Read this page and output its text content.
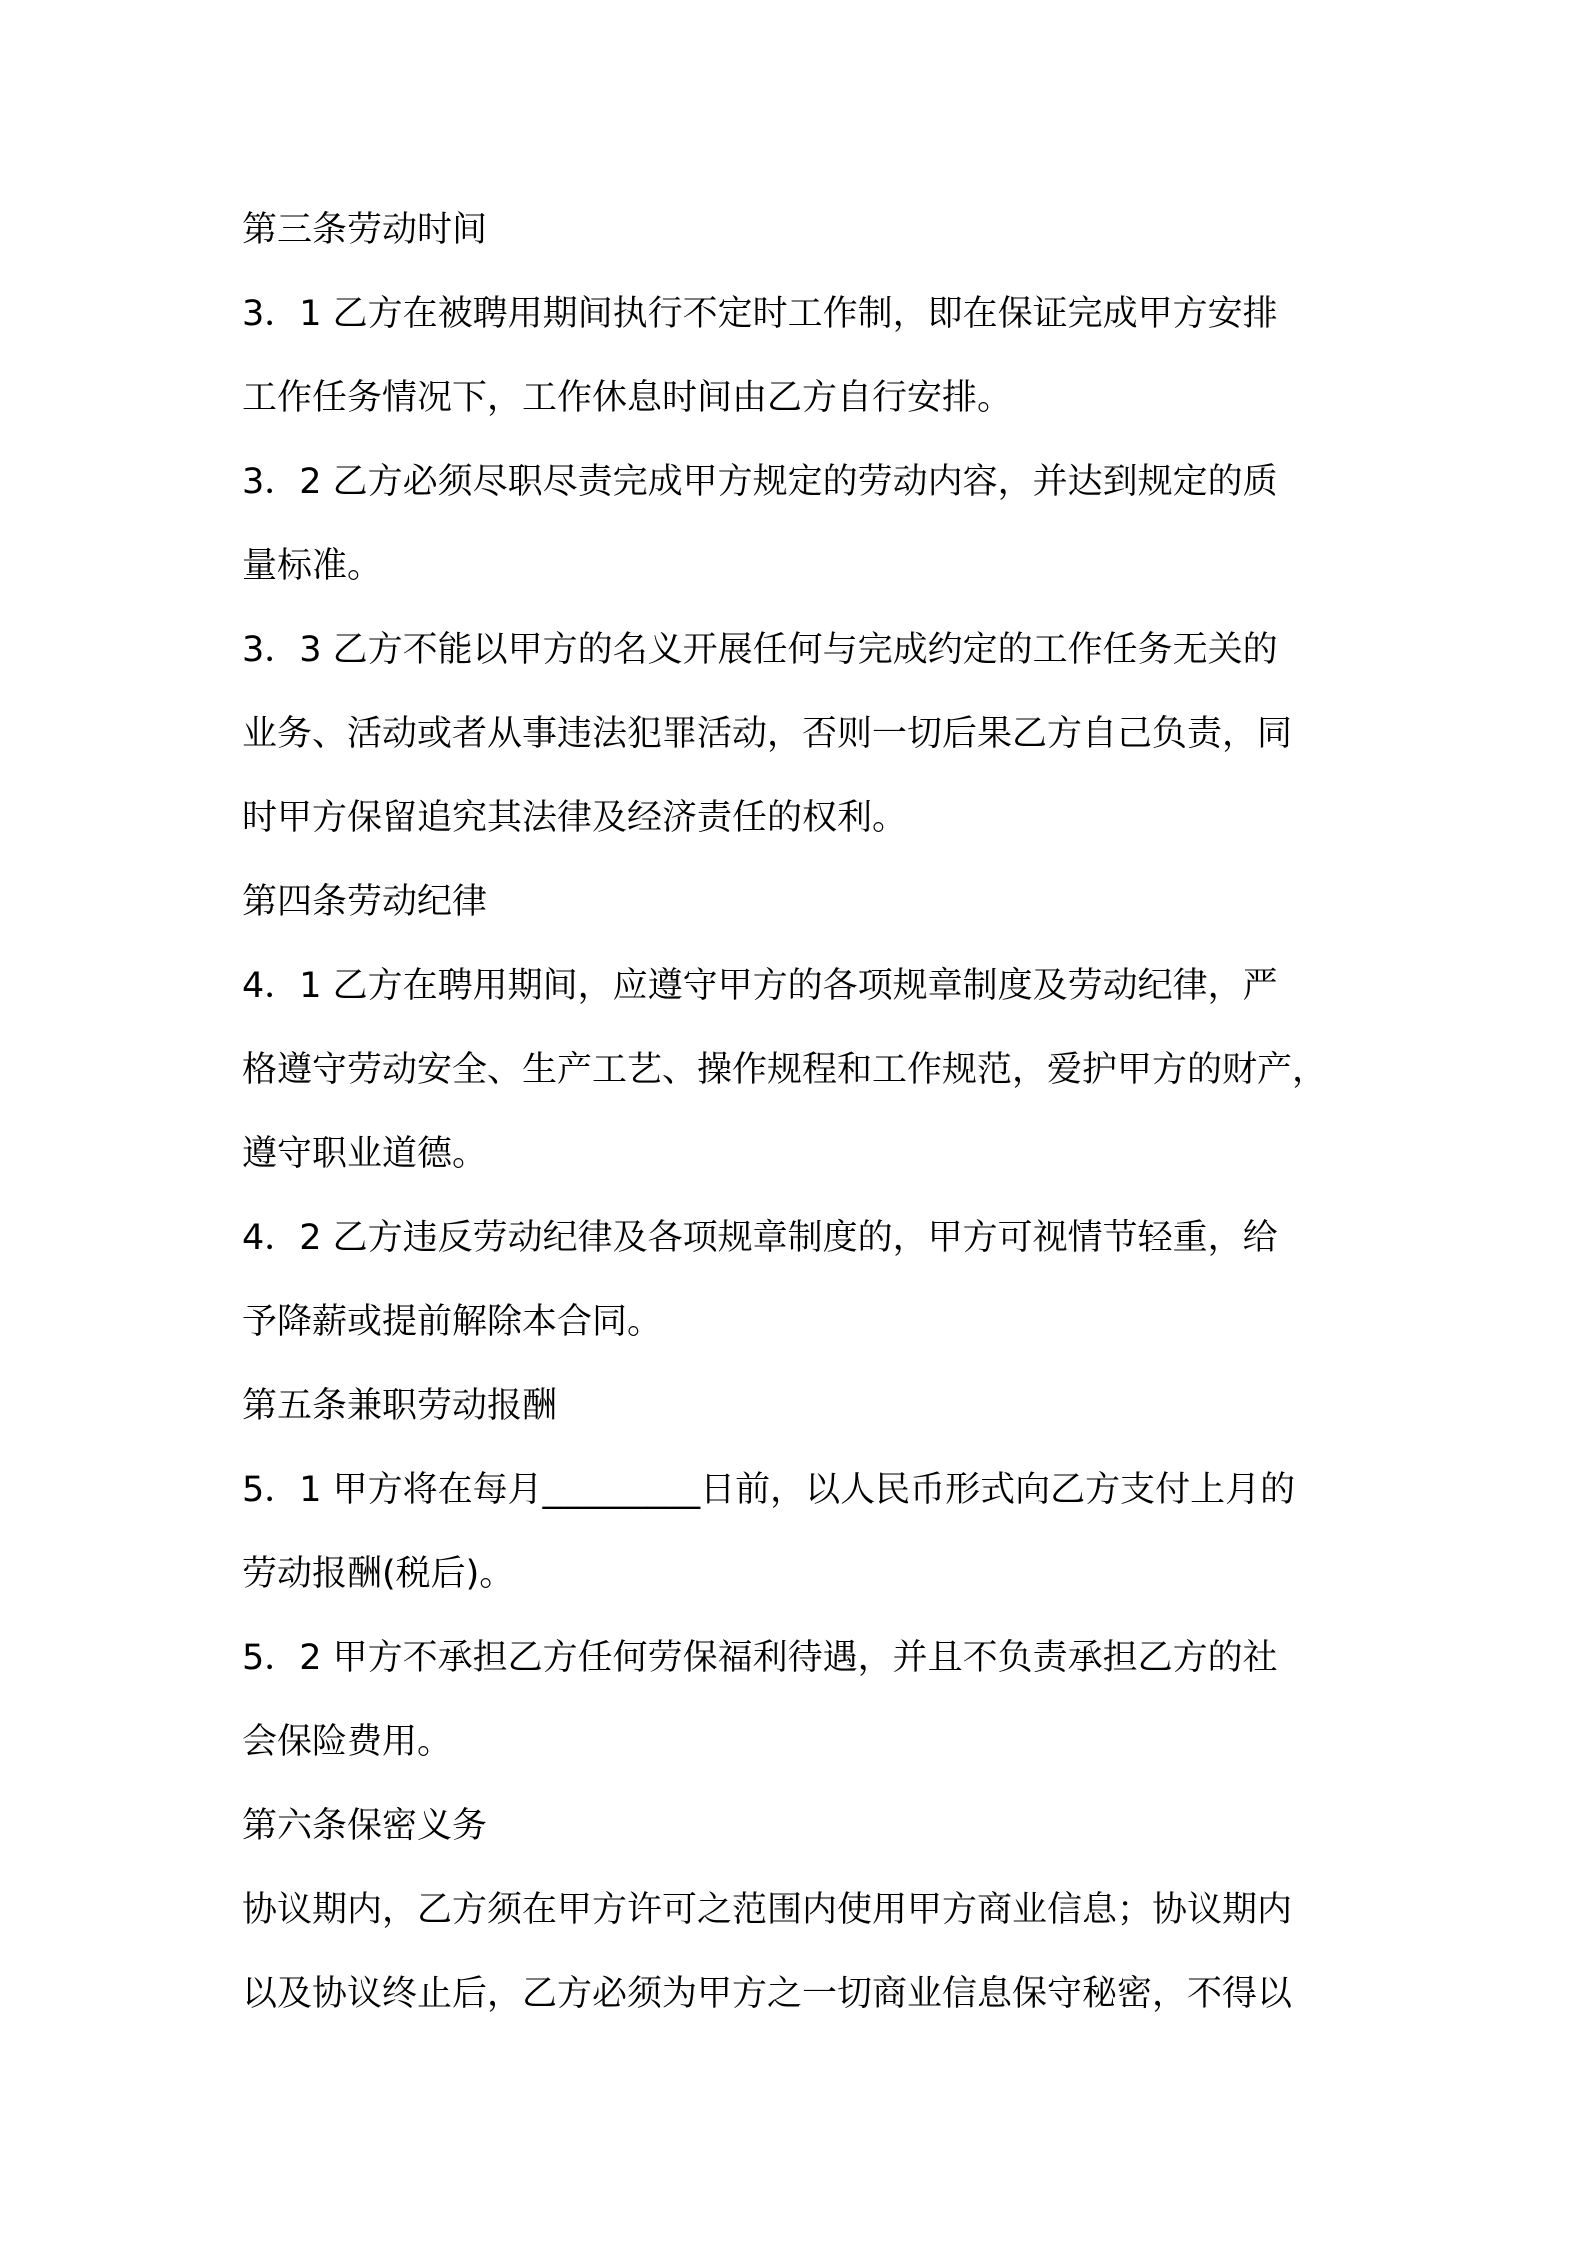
第三条劳动时间
3．1 乙方在被聘用期间执行不定时工作制，即在保证完成甲方安排
工作任务情况下，工作休息时间由乙方自行安排。
3．2 乙方必须尽职尽责完成甲方规定的劳动内容，并达到规定的质
量标准。
3．3 乙方不能以甲方的名义开展任何与完成约定的工作任务无关的
业务、活动或者从事违法犯罪活动，否则一切后果乙方自己负责，同
时甲方保留追究其法律及经济责任的权利。
第四条劳动纪律
4．1 乙方在聘用期间，应遵守甲方的各项规章制度及劳动纪律，严
格遵守劳动安全、生产工艺、操作规程和工作规范，爱护甲方的财产，
遵守职业道德。
4．2 乙方违反劳动纪律及各项规章制度的，甲方可视情节轻重，给
予降薪或提前解除本合同。
第五条兼职劳动报酬
5．1 甲方将在每月_________日前，以人民币形式向乙方支付上月的
劳动报酬(税后)。
5．2 甲方不承担乙方任何劳保福利待遇，并且不负责承担乙方的社
会保险费用。
第六条保密义务
协议期内，乙方须在甲方许可之范围内使用甲方商业信息；协议期内
以及协议终止后，乙方必须为甲方之一切商业信息保守秘密，不得以
